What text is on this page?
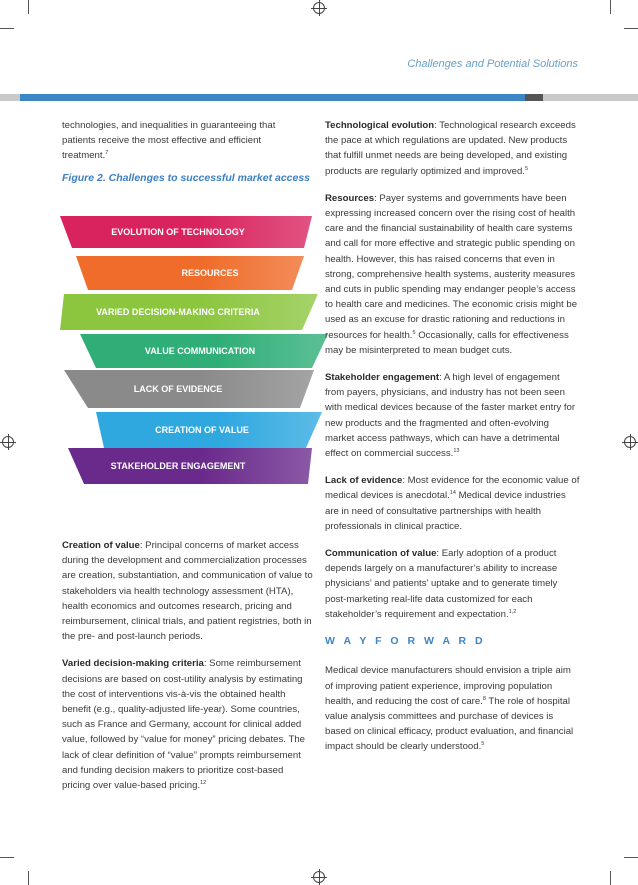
Challenges and Potential Solutions

technologies, and inequalities in guaranteeing that patients receive the most effective and efficient treatment.$^7$

Figure 2. Challenges to successful market access
EVOLUTION OF TECHNOLOGY
RESOURCES
VARIED DECISION-MAKING CRITERIA
VALUE COMMUNICATION
LACK OF EVIDENCE
CREATION OF VALUE
STAKEHOLDER ENGAGEMENT

Creation of value: Principal concerns of market access during the development and commercialization processes are creation, substantiation, and communication of value to stakeholders via health technology assessment (HTA), health economics and outcomes research, pricing and reimbursement, clinical trials, and patient registries, both in the pre- and post-launch periods.

Varied decision-making criteria: Some reimbursement decisions are based on cost-utility analysis by estimating the cost of interventions vis-à-vis the obtained health benefit (e.g., quality-adjusted life-year). Some countries, such as France and Germany, account for clinical added value, followed by “value for money” pricing debates. The lack of clear definition of “value” prompts reimbursement and funding decision makers to prioritize cost-based pricing over value-based pricing.$^{12}$

Technological evolution: Technological research exceeds the pace at which regulations are updated. New products that fulfill unmet needs are being developed, and existing products are regularly optimized and improved.$^5$

Resources: Payer systems and governments have been expressing increased concern over the rising cost of health care and the financial sustainability of health care systems and call for more effective and strategic public spending on health. However, this has raised concerns that even in strong, comprehensive health systems, austerity measures and cuts in public spending may endanger people’s access to health care and medicines. The economic crisis might be used as an excuse for drastic rationing and reductions in resources for health.$^5$ Occasionally, calls for effectiveness may be misinterpreted to mean budget cuts.

Stakeholder engagement: A high level of engagement from payers, physicians, and industry has not been seen with medical devices because of the faster market entry for new products and the fragmented and often-evolving market access pathways, which can have a detrimental effect on commercial success.$^{13}$

Lack of evidence: Most evidence for the economic value of medical devices is anecdotal.$^{14}$ Medical device industries are in need of consultative partnerships with health professionals in clinical practice.

Communication of value: Early adoption of a product depends largely on a manufacturer’s ability to increase physicians’ and patients’ uptake and to generate timely post-marketing real-life data customized for each stakeholder’s requirement and expectation.$^{1,2}$

W A Y F O R W A R D

Medical device manufacturers should envision a triple aim of improving patient experience, improving population health, and reducing the cost of care.$^8$ The role of hospital value analysis committees and purchase of devices is based on clinical efficacy, product evaluation, and financial impact should be clearly understood.$^5$
